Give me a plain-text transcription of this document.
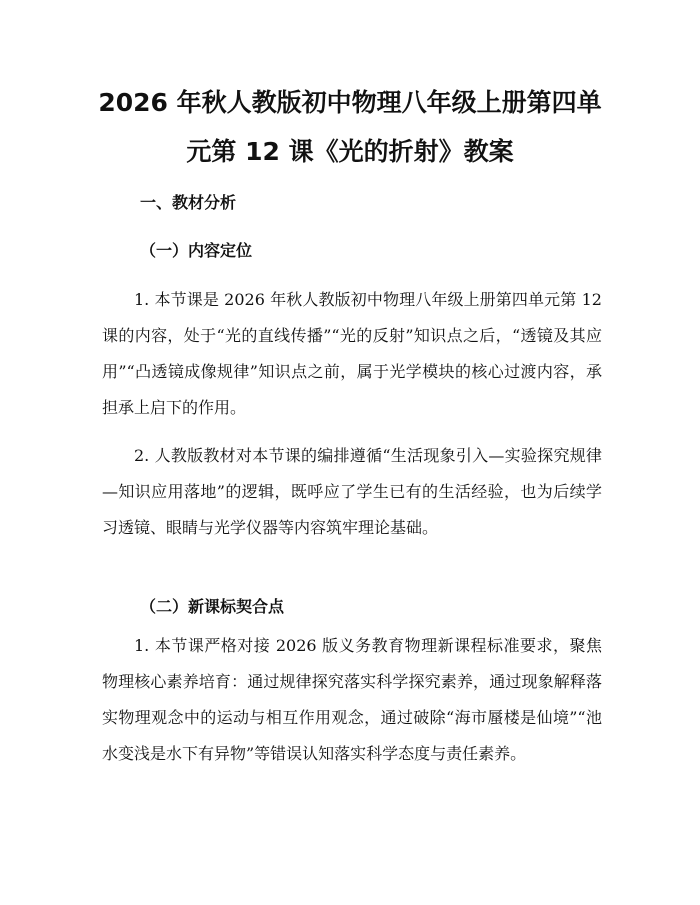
2026 年秋人教版初中物理八年级上册第四单
元第 12 课《光的折射》教案
一、教材分析
（一）内容定位

1. 本节课是 2026 年秋人教版初中物理八年级上册第四单元第 12 课的内容，处于“光的直线传播”“光的反射”知识点之后，“透镜及其应用”“凸透镜成像规律”知识点之前，属于光学模块的核心过渡内容，承担承上启下的作用。

2. 人教版教材对本节课的编排遵循“生活现象引入—实验探究规律—知识应用落地”的逻辑，既呼应了学生已有的生活经验，也为后续学习透镜、眼睛与光学仪器等内容筑牢理论基础。

（二）新课标契合点

1. 本节课严格对接 2026 版义务教育物理新课程标准要求，聚焦物理核心素养培育：通过规律探究落实科学探究素养，通过现象解释落实物理观念中的运动与相互作用观念，通过破除“海市蜃楼是仙境”“池水变浅是水下有异物”等错误认知落实科学态度与责任素养。
